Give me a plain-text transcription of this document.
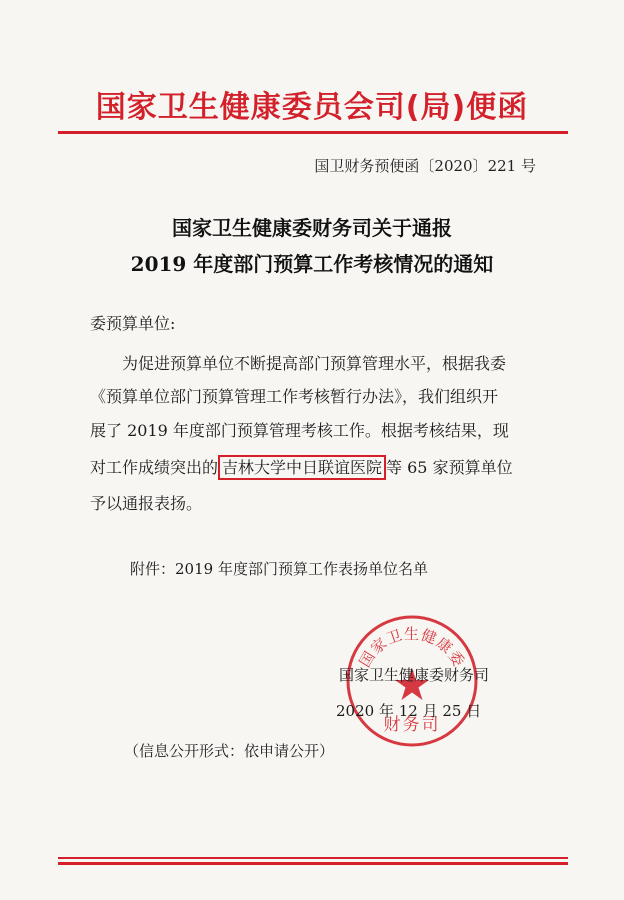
国家卫生健康委员会司(局)便函
国卫财务预便函〔2020〕221 号
国家卫生健康委财务司关于通报
2019 年度部门预算工作考核情况的通知
委预算单位:
为促进预算单位不断提高部门预算管理水平，根据我委
《预算单位部门预算管理工作考核暂行办法》，我们组织开
展了 2019 年度部门预算管理考核工作。根据考核结果，现
对工作成绩突出的 吉林大学中日联谊医院 等 65 家预算单位
予以通报表扬。
附件：2019 年度部门预算工作表扬单位名单
国家卫生健康委
财务司
国家卫生健康委财务司
2020 年 12 月 25 日
（信息公开形式：依申请公开）
